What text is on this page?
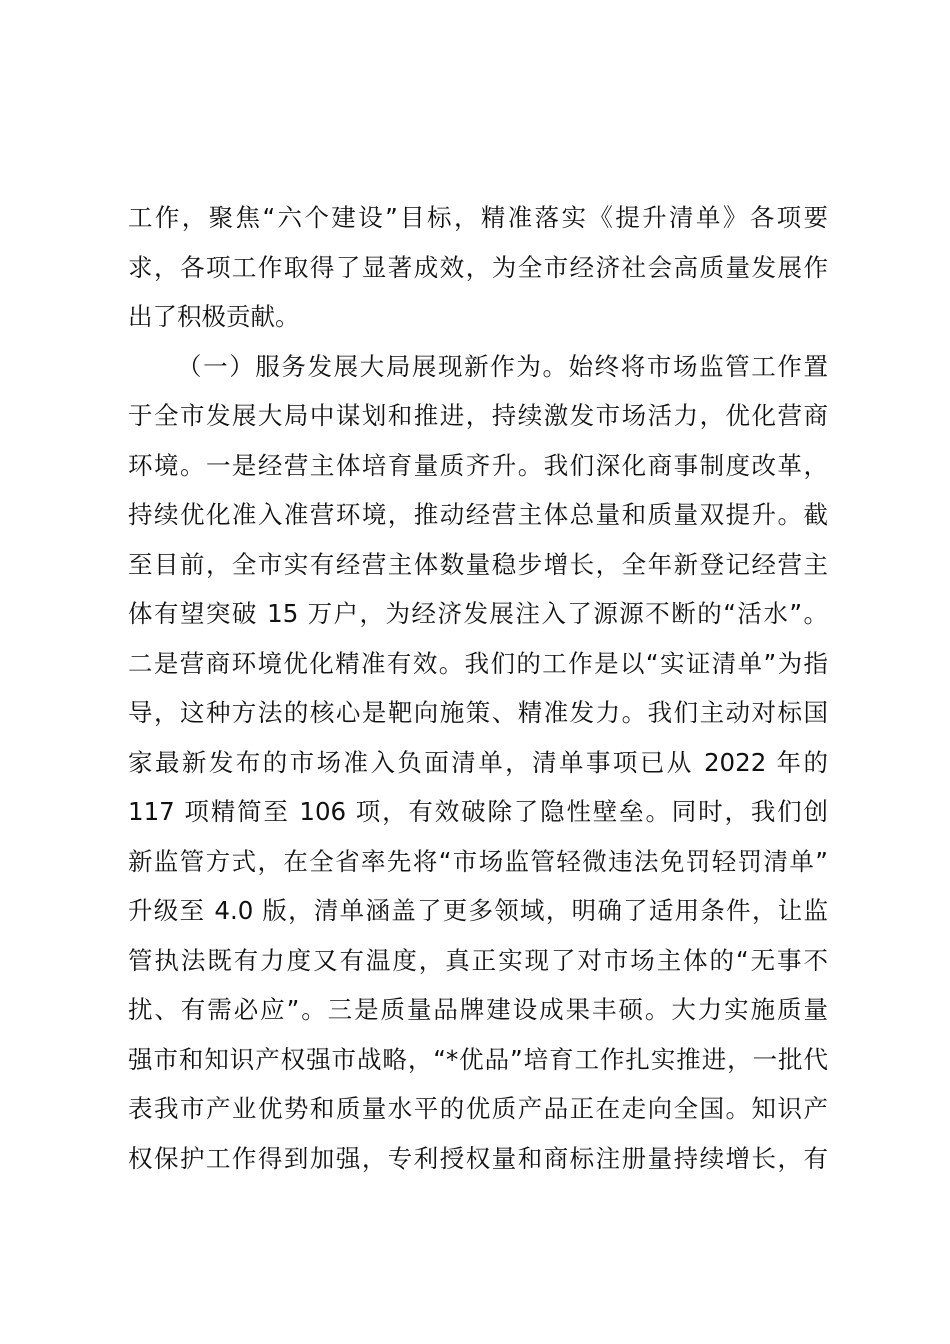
工作，聚焦“六个建设”目标，精准落实《提升清单》各项要
求，各项工作取得了显著成效，为全市经济社会高质量发展作
出了积极贡献。
（一）服务发展大局展现新作为。始终将市场监管工作置
于全市发展大局中谋划和推进，持续激发市场活力，优化营商
环境。一是经营主体培育量质齐升。我们深化商事制度改革，
持续优化准入准营环境，推动经营主体总量和质量双提升。截
至目前，全市实有经营主体数量稳步增长，全年新登记经营主
体有望突破 15 万户，为经济发展注入了源源不断的“活水”。
二是营商环境优化精准有效。我们的工作是以“实证清单”为指
导，这种方法的核心是靶向施策、精准发力。我们主动对标国
家最新发布的市场准入负面清单，清单事项已从 2022 年的
117 项精简至 106 项，有效破除了隐性壁垒。同时，我们创
新监管方式，在全省率先将“市场监管轻微违法免罚轻罚清单”
升级至 4.0 版，清单涵盖了更多领域，明确了适用条件，让监
管执法既有力度又有温度，真正实现了对市场主体的“无事不
扰、有需必应”。三是质量品牌建设成果丰硕。大力实施质量
强市和知识产权强市战略，“*优品”培育工作扎实推进，一批代
表我市产业优势和质量水平的优质产品正在走向全国。知识产
权保护工作得到加强，专利授权量和商标注册量持续增长，有
